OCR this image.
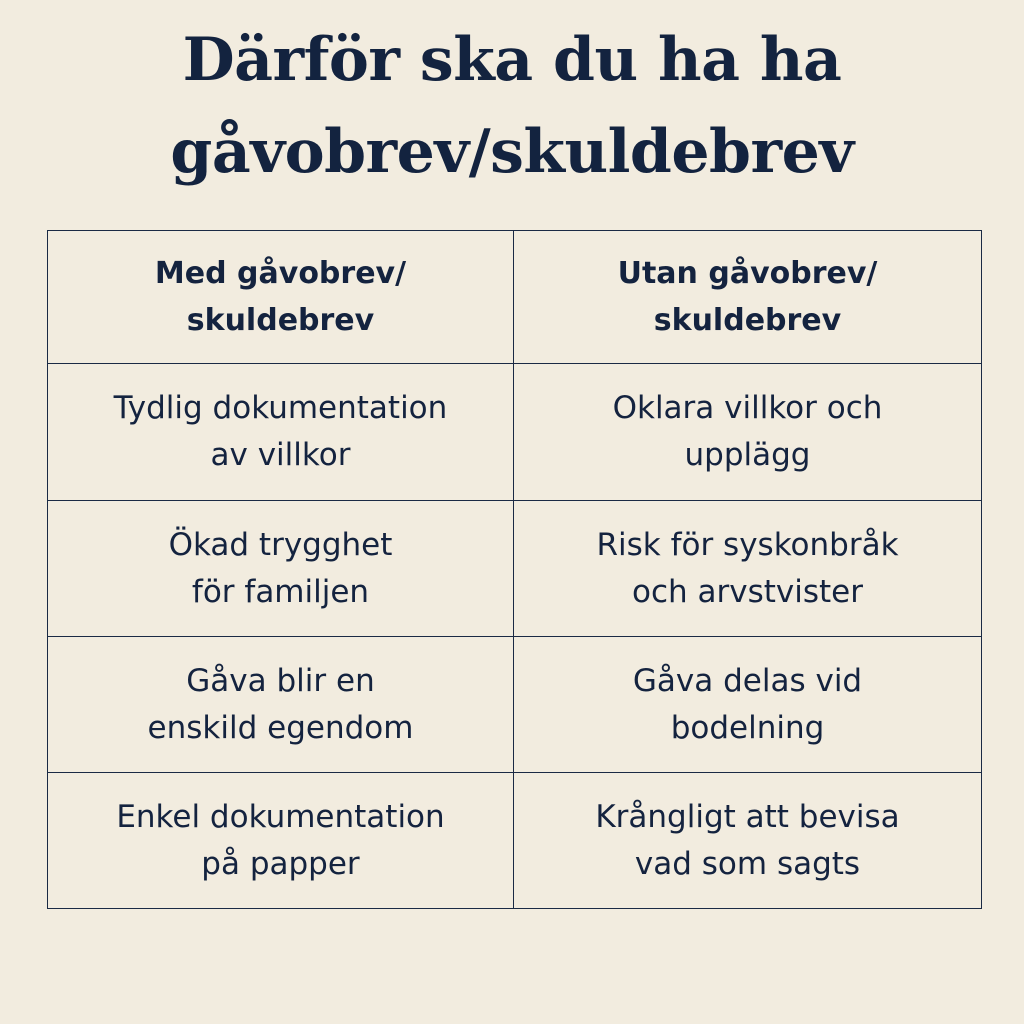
Därför ska du ha ha
gåvobrev/skuldebrev
Med gåvobrev/
skuldebrev
Utan gåvobrev/
skuldebrev
Tydlig dokumentation
av villkor
Oklara villkor och
upplägg
Ökad trygghet
för familjen
Risk för syskonbråk
och arvstvister
Gåva blir en
enskild egendom
Gåva delas vid
bodelning
Enkel dokumentation
på papper
Krångligt att bevisa
vad som sagts
